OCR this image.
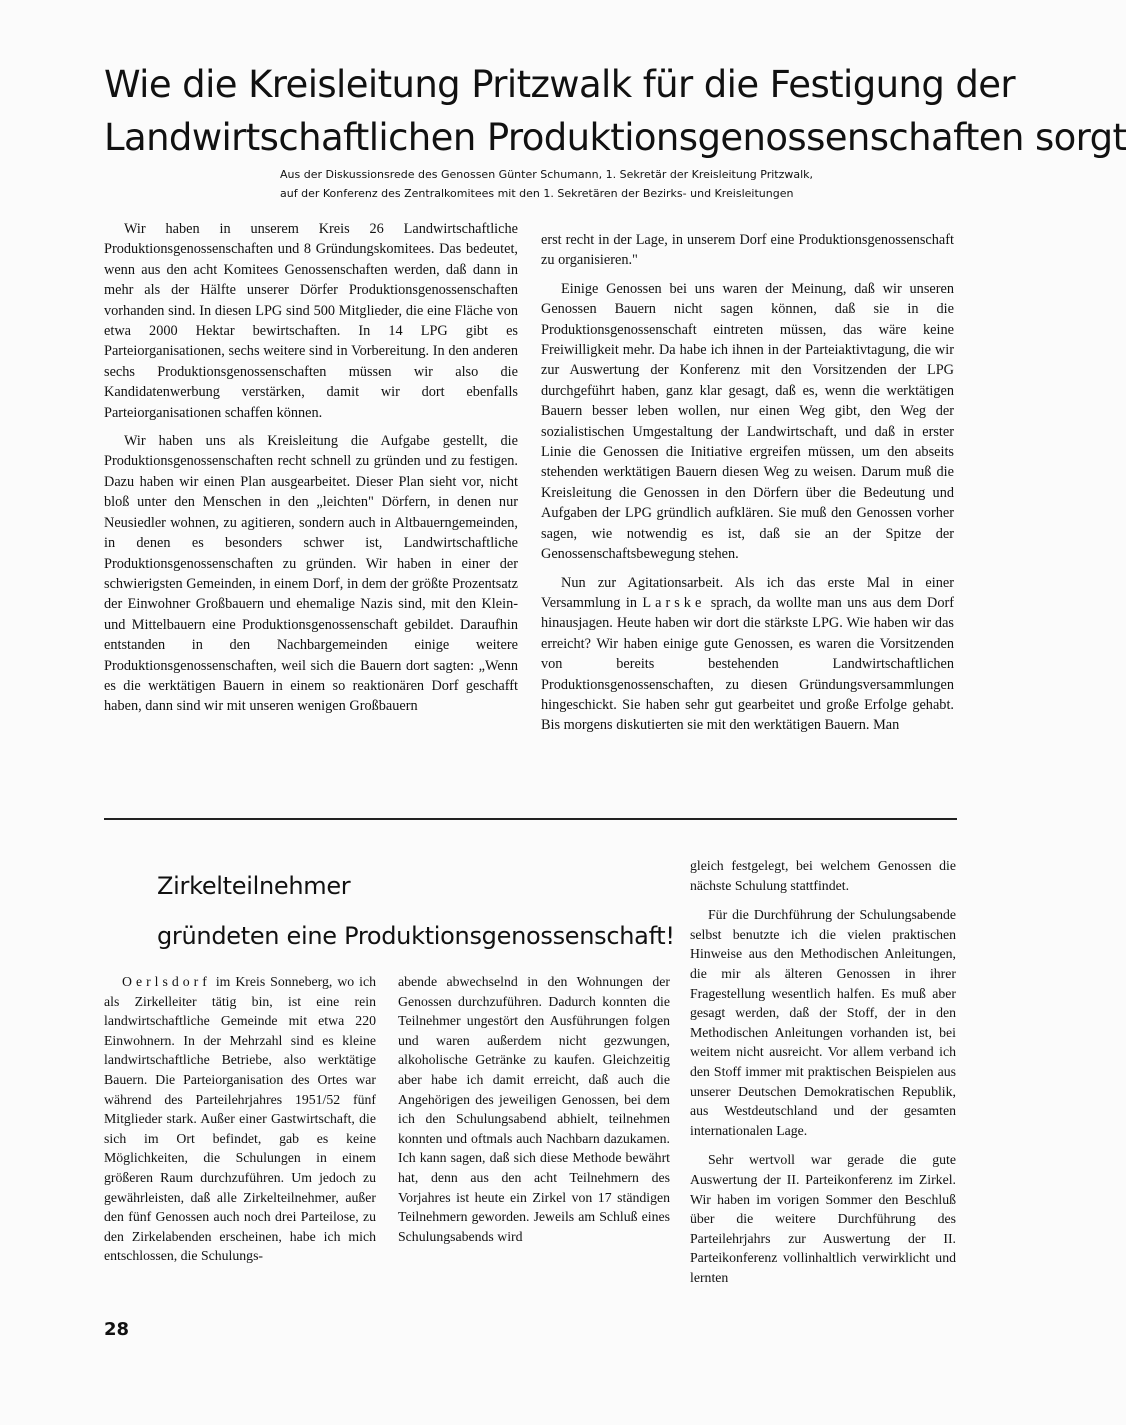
Wie die Kreisleitung Pritzwalk für die Festigung der
Landwirtschaftlichen Produktionsgenossenschaften sorgt
Aus der Diskussionsrede des Genossen Günter Schumann, 1. Sekretär der Kreisleitung Pritzwalk,
auf der Konferenz des Zentralkomitees mit den 1. Sekretären der Bezirks- und Kreisleitungen

Wir haben in unserem Kreis 26 Landwirtschaftliche Produktionsgenossenschaften und 8 Gründungskomitees. Das bedeutet, wenn aus den acht Komitees Genossenschaften werden, daß dann in mehr als der Hälfte unserer Dörfer Produktionsgenossenschaften vorhanden sind. In diesen LPG sind 500 Mitglieder, die eine Fläche von etwa 2000 Hektar bewirtschaften. In 14 LPG gibt es Parteiorganisationen, sechs weitere sind in Vorbereitung. In den anderen sechs Produktionsgenossenschaften müssen wir also die Kandidatenwerbung verstärken, damit wir dort ebenfalls Parteiorganisationen schaffen können.

Wir haben uns als Kreisleitung die Aufgabe gestellt, die Produktionsgenossenschaften recht schnell zu gründen und zu festigen. Dazu haben wir einen Plan ausgearbeitet. Dieser Plan sieht vor, nicht bloß unter den Menschen in den „leichten" Dörfern, in denen nur Neusiedler wohnen, zu agitieren, sondern auch in Altbauerngemeinden, in denen es besonders schwer ist, Landwirtschaftliche Produktionsgenossenschaften zu gründen. Wir haben in einer der schwierigsten Gemeinden, in einem Dorf, in dem der größte Prozentsatz der Einwohner Großbauern und ehemalige Nazis sind, mit den Klein- und Mittelbauern eine Produktionsgenossenschaft gebildet. Daraufhin entstanden in den Nachbargemeinden einige weitere Produktionsgenossenschaften, weil sich die Bauern dort sagten: „Wenn es die werktätigen Bauern in einem so reaktionären Dorf geschafft haben, dann sind wir mit unseren wenigen Großbauern

erst recht in der Lage, in unserem Dorf eine Produktionsgenossenschaft zu organisieren."

Einige Genossen bei uns waren der Meinung, daß wir unseren Genossen Bauern nicht sagen können, daß sie in die Produktionsgenossenschaft eintreten müssen, das wäre keine Freiwilligkeit mehr. Da habe ich ihnen in der Parteiaktivtagung, die wir zur Auswertung der Konferenz mit den Vorsitzenden der LPG durchgeführt haben, ganz klar gesagt, daß es, wenn die werktätigen Bauern besser leben wollen, nur einen Weg gibt, den Weg der sozialistischen Umgestaltung der Landwirtschaft, und daß in erster Linie die Genossen die Initiative ergreifen müssen, um den abseits stehenden werktätigen Bauern diesen Weg zu weisen. Darum muß die Kreisleitung die Genossen in den Dörfern über die Bedeutung und Aufgaben der LPG gründlich aufklären. Sie muß den Genossen vorher sagen, wie notwendig es ist, daß sie an der Spitze der Genossenschaftsbewegung stehen.

Nun zur Agitationsarbeit. Als ich das erste Mal in einer Versammlung in Larske sprach, da wollte man uns aus dem Dorf hinausjagen. Heute haben wir dort die stärkste LPG. Wie haben wir das erreicht? Wir haben einige gute Genossen, es waren die Vorsitzenden von bereits bestehenden Landwirtschaftlichen Produktionsgenossenschaften, zu diesen Gründungsversammlungen hingeschickt. Sie haben sehr gut gearbeitet und große Erfolge gehabt. Bis morgens diskutierten sie mit den werktätigen Bauern. Man

Zirkelteilnehmer
gründeten eine Produktionsgenossenschaft!

Oerlsdorf im Kreis Sonneberg, wo ich als Zirkelleiter tätig bin, ist eine rein landwirtschaftliche Gemeinde mit etwa 220 Einwohnern. In der Mehrzahl sind es kleine landwirtschaftliche Betriebe, also werktätige Bauern. Die Parteiorganisation des Ortes war während des Parteilehrjahres 1951/52 fünf Mitglieder stark. Außer einer Gastwirtschaft, die sich im Ort befindet, gab es keine Möglichkeiten, die Schulungen in einem größeren Raum durchzuführen. Um jedoch zu gewährleisten, daß alle Zirkelteilnehmer, außer den fünf Genossen auch noch drei Parteilose, zu den Zirkelabenden erscheinen, habe ich mich entschlossen, die Schulungs-

abende abwechselnd in den Wohnungen der Genossen durchzuführen. Dadurch konnten die Teilnehmer ungestört den Ausführungen folgen und waren außerdem nicht gezwungen, alkoholische Getränke zu kaufen. Gleichzeitig aber habe ich damit erreicht, daß auch die Angehörigen des jeweiligen Genossen, bei dem ich den Schulungsabend abhielt, teilnehmen konnten und oftmals auch Nachbarn dazukamen. Ich kann sagen, daß sich diese Methode bewährt hat, denn aus den acht Teilnehmern des Vorjahres ist heute ein Zirkel von 17 ständigen Teilnehmern geworden. Jeweils am Schluß eines Schulungsabends wird

gleich festgelegt, bei welchem Genossen die nächste Schulung stattfindet.

Für die Durchführung der Schulungsabende selbst benutzte ich die vielen praktischen Hinweise aus den Methodischen Anleitungen, die mir als älteren Genossen in ihrer Fragestellung wesentlich halfen. Es muß aber gesagt werden, daß der Stoff, der in den Methodischen Anleitungen vorhanden ist, bei weitem nicht ausreicht. Vor allem verband ich den Stoff immer mit praktischen Beispielen aus unserer Deutschen Demokratischen Republik, aus Westdeutschland und der gesamten internationalen Lage.

Sehr wertvoll war gerade die gute Auswertung der II. Parteikonferenz im Zirkel. Wir haben im vorigen Sommer den Beschluß über die weitere Durchführung des Parteilehrjahrs zur Auswertung der II. Parteikonferenz vollinhaltlich verwirklicht und lernten

28
